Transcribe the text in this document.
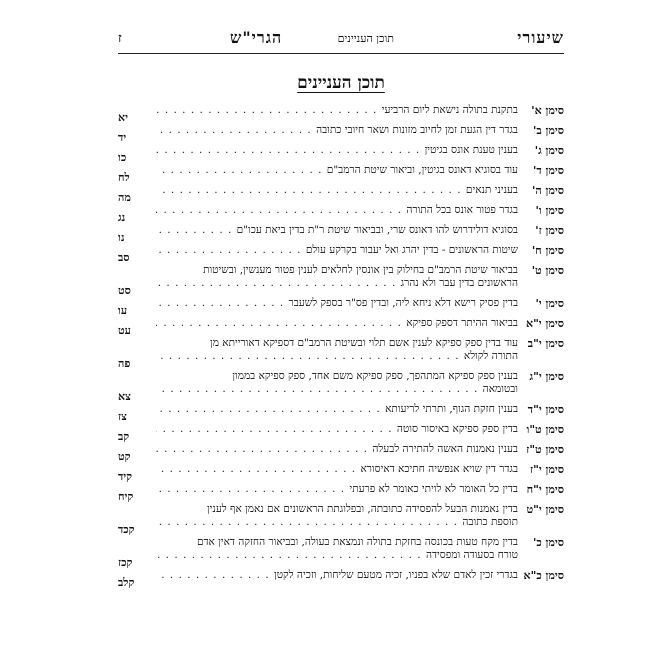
שיעורי
תוכן העניינים
הגרי"ש
ז
תוכן העניינים
סימן א'
בתקנת בתולה נישאת ליום הרביעי . . .
יא
סימן ב'
בגדר דין הגעת זמן לחיוב מזונות ושאר חיובי כתובה . . .
יד
סימן ג'
בענין טענת אונס בגיטין . . .
כו
סימן ד'
עוד בסוגיא דאונס בגיטין, וביאור שיטת הרמב"ם . . .
לח
סימן ה'
בעניני תנאים . . .
מה
סימן ו'
בגדר פטור אונס בכל התורה . . .
נג
סימן ז'
בסוגיא דולידרוש להו דאונס שרי, ובביאור שיטת ר"ת בדין ביאת עכו"ם . . .
נו
סימן ח'
שיטות הראשונים - בדין יהרג ואל יעבור בקרקע עולם . . .
סב
סימן ט'
בביאור שיטת הרמב"ם בחילוק בין אונסין לחלאים לענין פטור מענשין, ובשיטות
הראשונים בדין עבר ולא נהרג . . .
סט
סימן י'
בדין פסיק רישא דלא ניחא ליה, ובדין פס"ר בספק לשעבר . . .
עו
סימן י"א
בביאור ההיתר דספק ספיקא . . .
עט
סימן י"ב
עוד בדין ספק ספיקא לענין אשם תלוי ובשיטת הרמב"ם דספיקא דאורייתא מן
התורה לקולא . . .
פה
סימן י"ג
בענין ספק ספיקא המתהפך, ספק ספיקא משם אחד, ספק ספיקא בממון
ובטומאה . . .
צא
סימן י"ד
בענין חזקת הגוף, ותרתי לריעותא . . .
צז
סימן ט"ו
בדין ספק ספיקא באיסור סוטה . . .
קב
סימן ט"ז
בענין נאמנות האשה להתירה לבעלה . . .
קט
סימן י"ז
בגדר דין שויא אנפשיה חתיכא דאיסורא . . .
קיד
סימן י"ח
בדין כל האומר לא לויתי כאומר לא פרעתי . . .
קיח
סימן י"ט
בדין נאמנות הבעל להפסידה כתובתה, ובפלוגתת הראשונים אם נאמן אף לענין
תוספת כתובה . . .
קכד
סימן כ'
בדין מקח טעות בכונסה בחזקת בתולה ונמצאת בעולה, ובביאור החזקה דאין אדם
טורח בסעודה ומפסידה . . .
קכז
סימן כ"א
בגדרי זכין לאדם שלא בפניו, זכיה מטעם שליחות, וזכיה לקטן . . .
קלב
